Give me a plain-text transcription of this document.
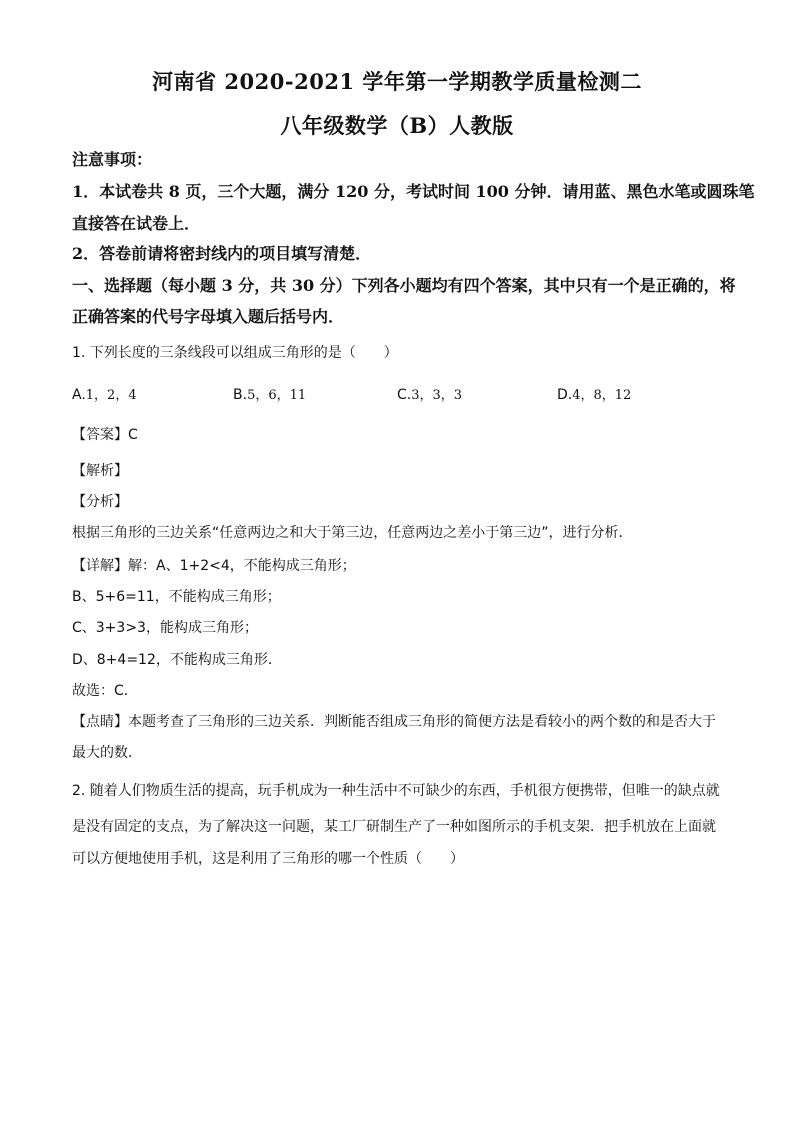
河南省 2020-2021 学年第一学期教学质量检测二
八年级数学（B）人教版
注意事项：
1．本试卷共 8 页，三个大题，满分 120 分，考试时间 100 分钟．请用蓝、黑色水笔或圆珠笔
直接答在试卷上．
2．答卷前请将密封线内的项目填写清楚．
一、选择题（每小题 3 分，共 30 分）下列各小题均有四个答案，其中只有一个是正确的，将
正确答案的代号字母填入题后括号内．
1. 下列长度的三条线段可以组成三角形的是（　　）
A.1，2，4	B.5，6，11	C.3，3，3	D.4，8，12
【答案】C
【解析】
【分析】
根据三角形的三边关系“任意两边之和大于第三边，任意两边之差小于第三边”，进行分析．
【详解】解：A、1+2<4，不能构成三角形；
B、5+6=11，不能构成三角形；
C、3+3>3，能构成三角形；
D、8+4=12，不能构成三角形．
故选：C．
【点睛】本题考查了三角形的三边关系．判断能否组成三角形的简便方法是看较小的两个数的和是否大于
最大的数．
2. 随着人们物质生活的提高，玩手机成为一种生活中不可缺少的东西，手机很方便携带，但唯一的缺点就
是没有固定的支点，为了解决这一问题，某工厂研制生产了一种如图所示的手机支架．把手机放在上面就
可以方便地使用手机，这是利用了三角形的哪一个性质（　　）
